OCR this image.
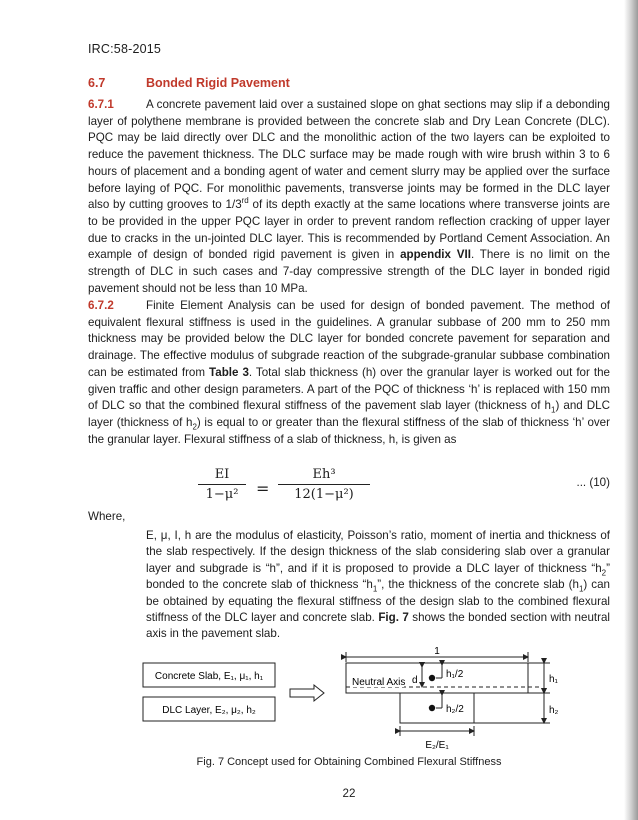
IRC:58-2015
6.7	Bonded Rigid Pavement

6.7.1	A concrete pavement laid over a sustained slope on ghat sections may slip if a debonding layer of polythene membrane is provided between the concrete slab and Dry Lean Concrete (DLC). PQC may be laid directly over DLC and the monolithic action of the two layers can be exploited to reduce the pavement thickness. The DLC surface may be made rough with wire brush within 3 to 6 hours of placement and a bonding agent of water and cement slurry may be applied over the surface before laying of PQC. For monolithic pavements, transverse joints may be formed in the DLC layer also by cutting grooves to 1/3rd of its depth exactly at the same locations where transverse joints are to be provided in the upper PQC layer in order to prevent random reflection cracking of upper layer due to cracks in the un-jointed DLC layer. This is recommended by Portland Cement Association. An example of design of bonded rigid pavement is given in appendix VII. There is no limit on the strength of DLC in such cases and 7-day compressive strength of the DLC layer in bonded rigid pavement should not be less than 10 MPa.

6.7.2	Finite Element Analysis can be used for design of bonded pavement. The method of equivalent flexural stiffness is used in the guidelines. A granular subbase of 200 mm to 250 mm thickness may be provided below the DLC layer for bonded concrete pavement for separation and drainage. The effective modulus of subgrade reaction of the subgrade-granular subbase combination can be estimated from Table 3. Total slab thickness (h) over the granular layer is worked out for the given traffic and other design parameters. A part of the PQC of thickness ‘h’ is replaced with 150 mm of DLC so that the combined flexural stiffness of the pavement slab layer (thickness of $h_1$) and DLC layer (thickness of $h_2$) is equal to or greater than the flexural stiffness of the slab of thickness ‘h’ over the granular layer. Flexural stiffness of a slab of thickness, h, is given as

EI
1−μ²	=
Eh³
12(1−μ²)
... (10)
Where,

E, μ, I, h are the modulus of elasticity, Poisson’s ratio, moment of inertia and thickness of the slab respectively. If the design thickness of the slab considering slab over a granular layer and subgrade is “h”, and if it is proposed to provide a DLC layer of thickness “$h_2$” bonded to the concrete slab of thickness “$h_1$”, the thickness of the concrete slab $(h_1)$ can be obtained by equating the flexural stiffness of the design slab to the combined flexural stiffness of the DLC layer and concrete slab. Fig. 7 shows the bonded section with neutral axis in the pavement slab.

Concrete Slab, E₁, μ₁, h₁
DLC Layer, E₂, μ₂, h₂
1
Neutral Axis d
h₁/2
h₂/2
h₁
h₂
E₂/E₁
Fig. 7 Concept used for Obtaining Combined Flexural Stiffness
22
